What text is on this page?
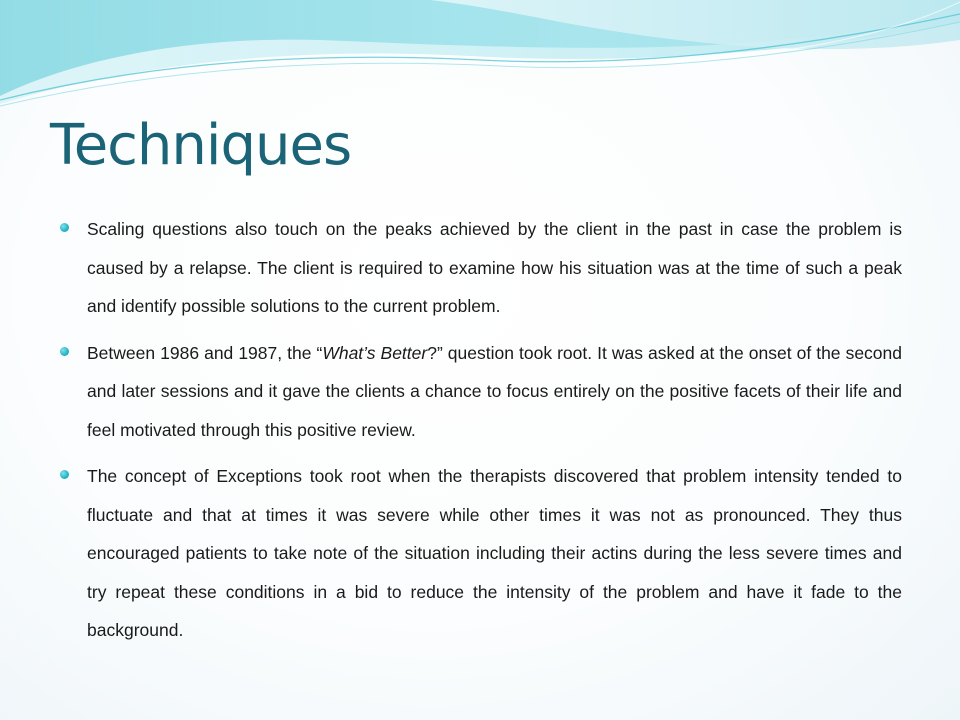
Techniques
Scaling questions also touch on the peaks achieved by the client in the past in case the problem is caused by a relapse. The client is required to examine how his situation was at the time of such a peak and identify possible solutions to the current problem.
Between 1986 and 1987, the “What’s Better?” question took root. It was asked at the onset of the second and later sessions and it gave the clients a chance to focus entirely on the positive facets of their life and feel motivated through this positive review.
The concept of Exceptions took root when the therapists discovered that problem intensity tended to fluctuate and that at times it was severe while other times it was not as pronounced. They thus encouraged patients to take note of the situation including their actins during the less severe times and try repeat these conditions in a bid to reduce the intensity of the problem and have it fade to the background.
